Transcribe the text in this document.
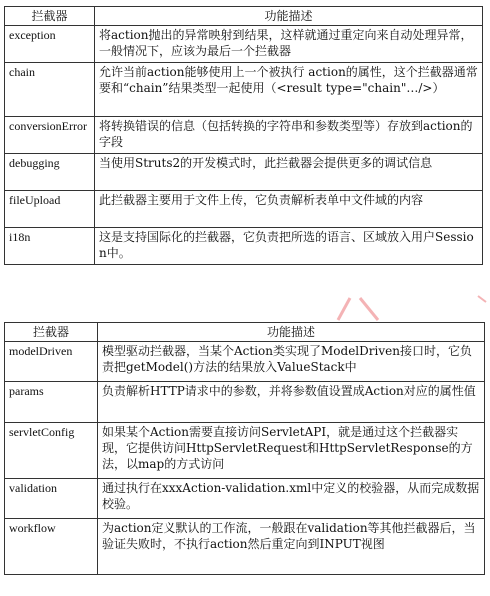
拦截器	功能描述
exception	将action抛出的异常映射到结果，这样就通过重定向来自动处理异常，一般情况下，应该为最后一个拦截器
chain	允许当前action能够使用上一个被执行 action的属性，这个拦截器通常要和“chain”结果类型一起使用（<result type="chain"…/>）
conversionError	将转换错误的信息（包括转换的字符串和参数类型等）存放到action的字段
debugging	当使用Struts2的开发模式时，此拦截器会提供更多的调试信息
fileUpload	此拦截器主要用于文件上传，它负责解析表单中文件域的内容
i18n	这是支持国际化的拦截器，它负责把所选的语言、区域放入用户Session中。
拦截器	功能描述
modelDriven	模型驱动拦截器，当某个Action类实现了ModelDriven接口时，它负责把getModel()方法的结果放入ValueStack中
params	负责解析HTTP请求中的参数，并将参数值设置成Action对应的属性值
servletConfig	如果某个Action需要直接访问ServletAPI，就是通过这个拦截器实现，它提供访问HttpServletRequest和HttpServletResponse的方法，以map的方式访问
validation	通过执行在xxxAction-validation.xml中定义的校验器，从而完成数据校验。
workflow	为action定义默认的工作流，一般跟在validation等其他拦截器后，当验证失败时，不执行action然后重定向到INPUT视图
